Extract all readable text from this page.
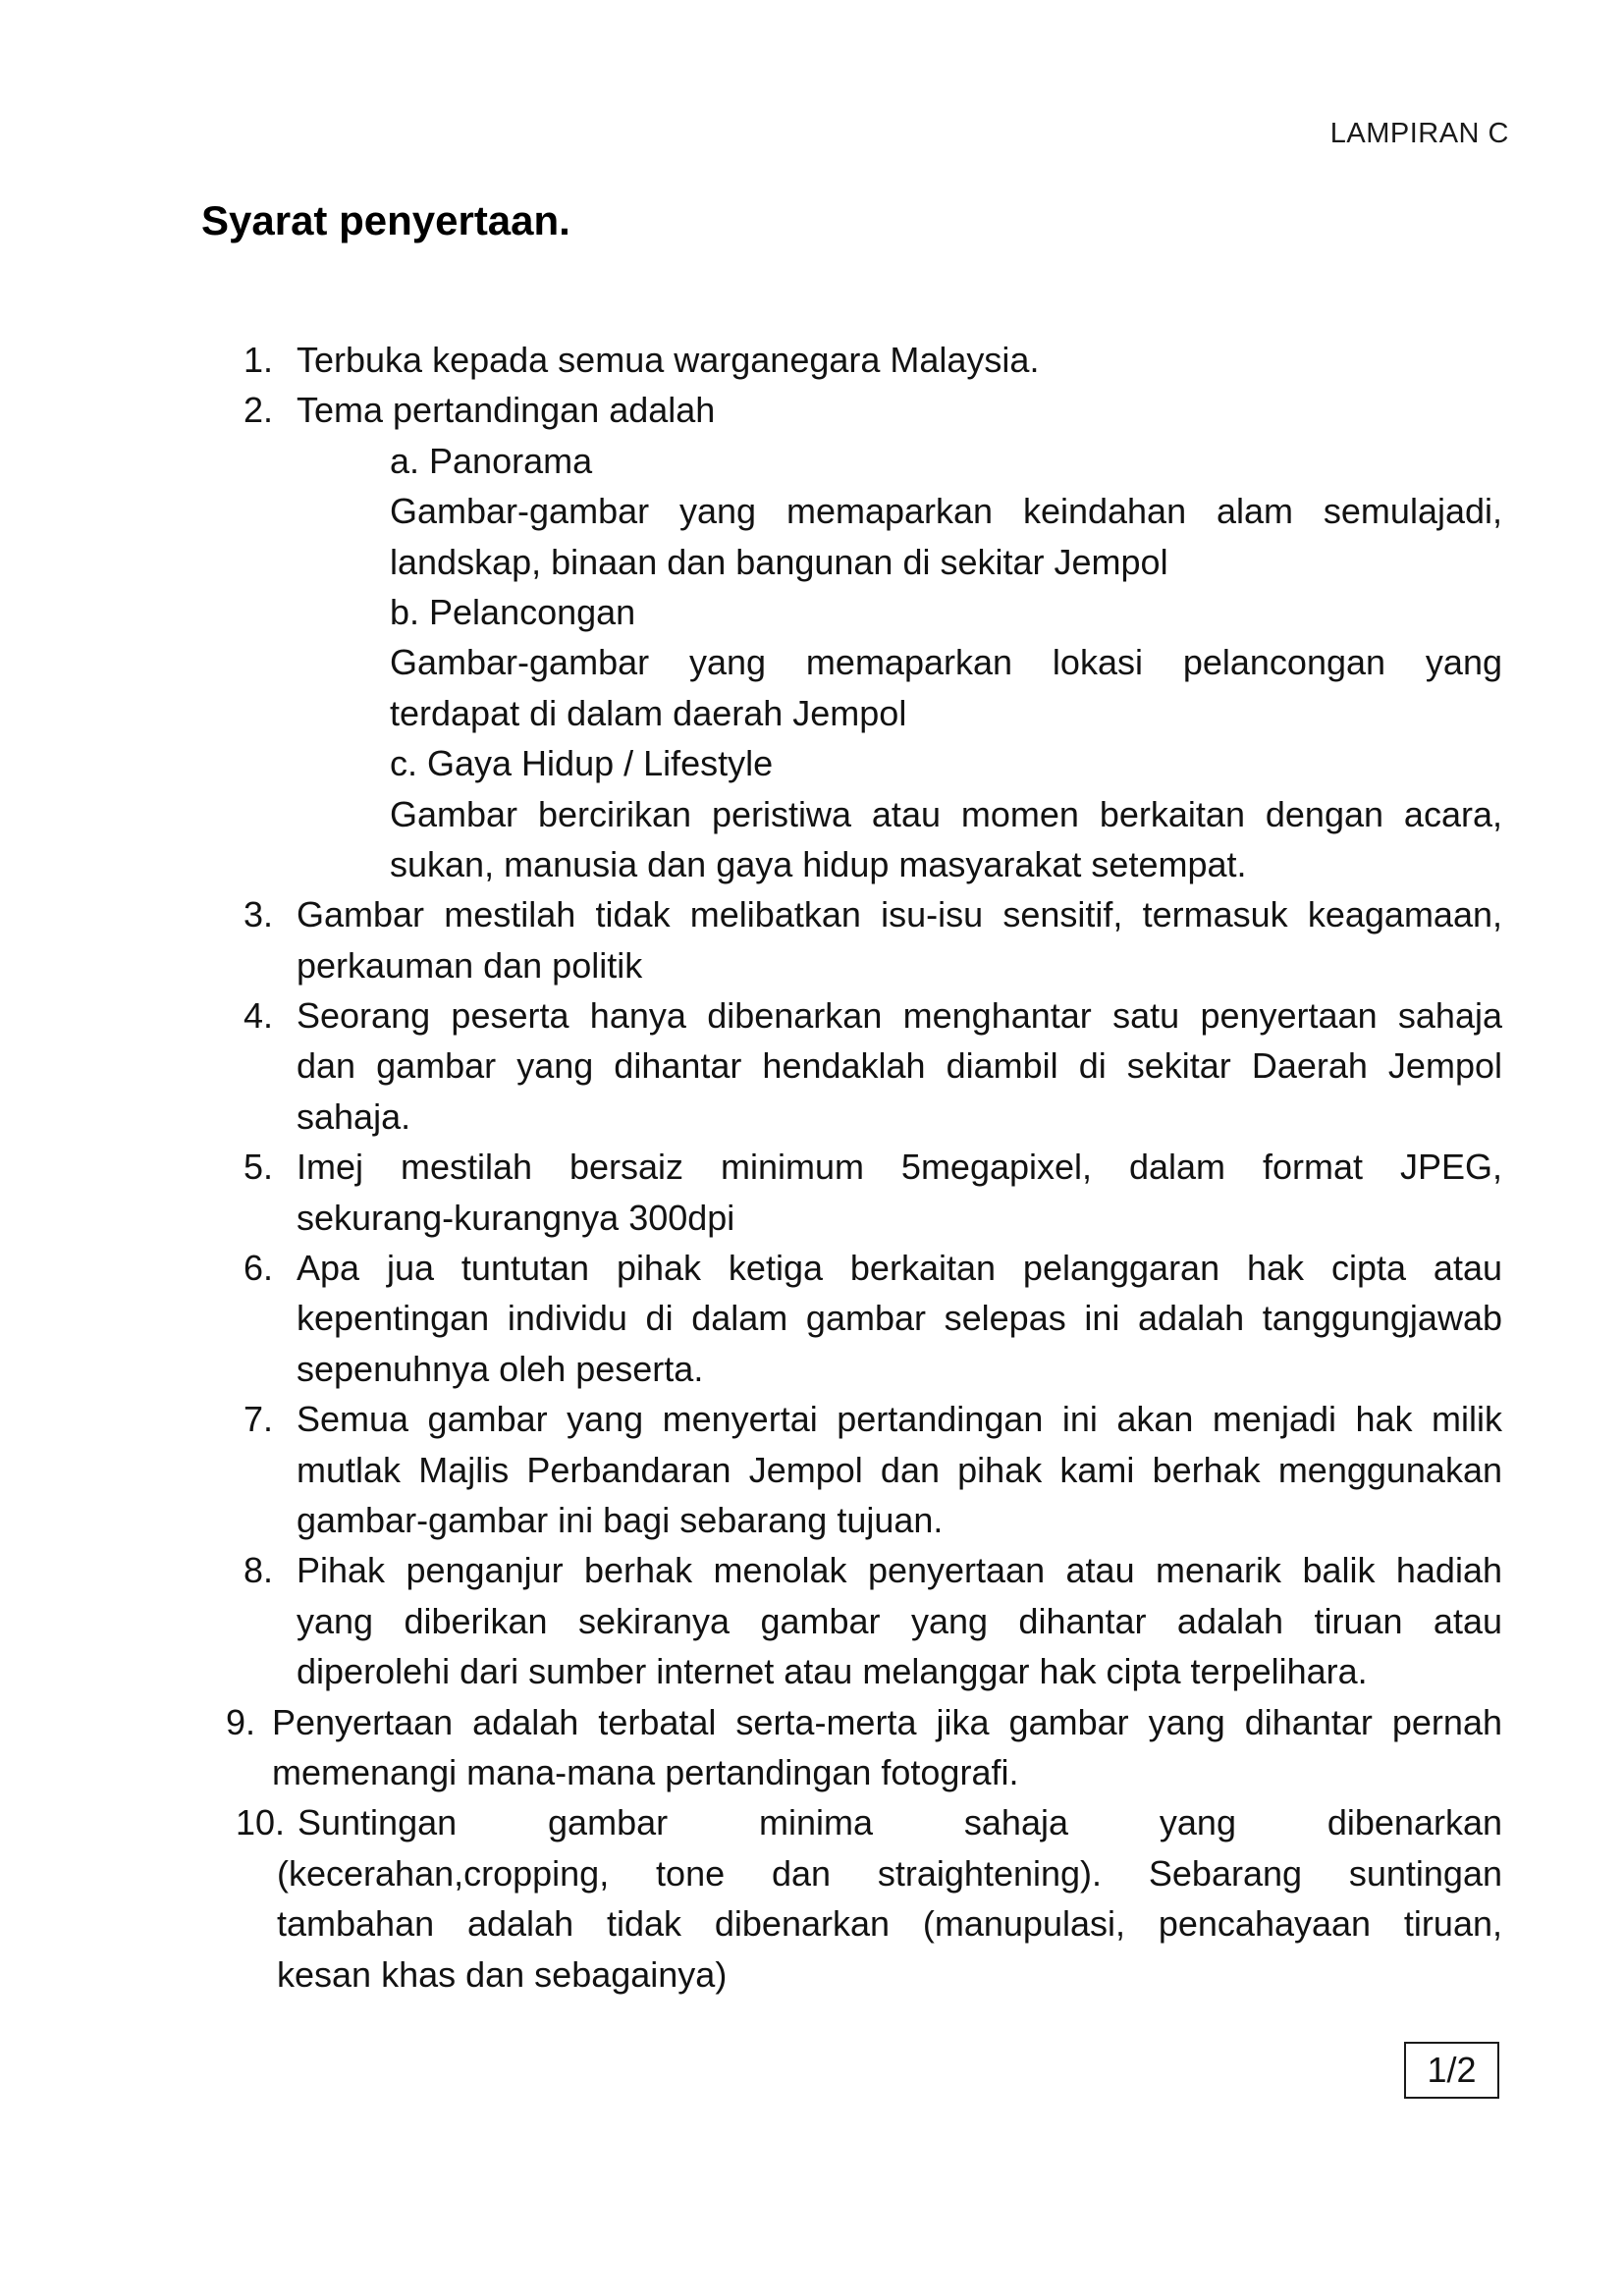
LAMPIRAN C
Syarat penyertaan.
1. Terbuka kepada semua warganegara Malaysia.
2. Tema pertandingan adalah
a. Panorama
Gambar-gambar yang memaparkan keindahan alam semulajadi,
landskap, binaan dan bangunan di sekitar Jempol
b. Pelancongan
Gambar-gambar yang memaparkan lokasi pelancongan yang
terdapat di dalam daerah Jempol
c. Gaya Hidup / Lifestyle
Gambar bercirikan peristiwa atau momen berkaitan dengan acara,
sukan, manusia dan gaya hidup masyarakat setempat.
3. Gambar mestilah tidak melibatkan isu-isu sensitif, termasuk keagamaan,
perkauman dan politik
4. Seorang peserta hanya dibenarkan menghantar satu penyertaan sahaja
dan gambar yang dihantar hendaklah diambil di sekitar Daerah Jempol
sahaja.
5. Imej mestilah bersaiz minimum 5megapixel, dalam format JPEG,
sekurang-kurangnya 300dpi
6. Apa jua tuntutan pihak ketiga berkaitan pelanggaran hak cipta atau
kepentingan individu di dalam gambar selepas ini adalah tanggungjawab
sepenuhnya oleh peserta.
7. Semua gambar yang menyertai pertandingan ini akan menjadi hak milik
mutlak Majlis Perbandaran Jempol dan pihak kami berhak menggunakan
gambar-gambar ini bagi sebarang tujuan.
8. Pihak penganjur berhak menolak penyertaan atau menarik balik hadiah
yang diberikan sekiranya gambar yang dihantar adalah tiruan atau
diperolehi dari sumber internet atau melanggar hak cipta terpelihara.
9. Penyertaan adalah terbatal serta-merta jika gambar yang dihantar pernah
memenangi mana-mana pertandingan fotografi.
10. Suntingan gambar minima sahaja yang dibenarkan
(kecerahan,cropping, tone dan straightening). Sebarang suntingan
tambahan adalah tidak dibenarkan (manupulasi, pencahayaan tiruan,
kesan khas dan sebagainya)
1/2
